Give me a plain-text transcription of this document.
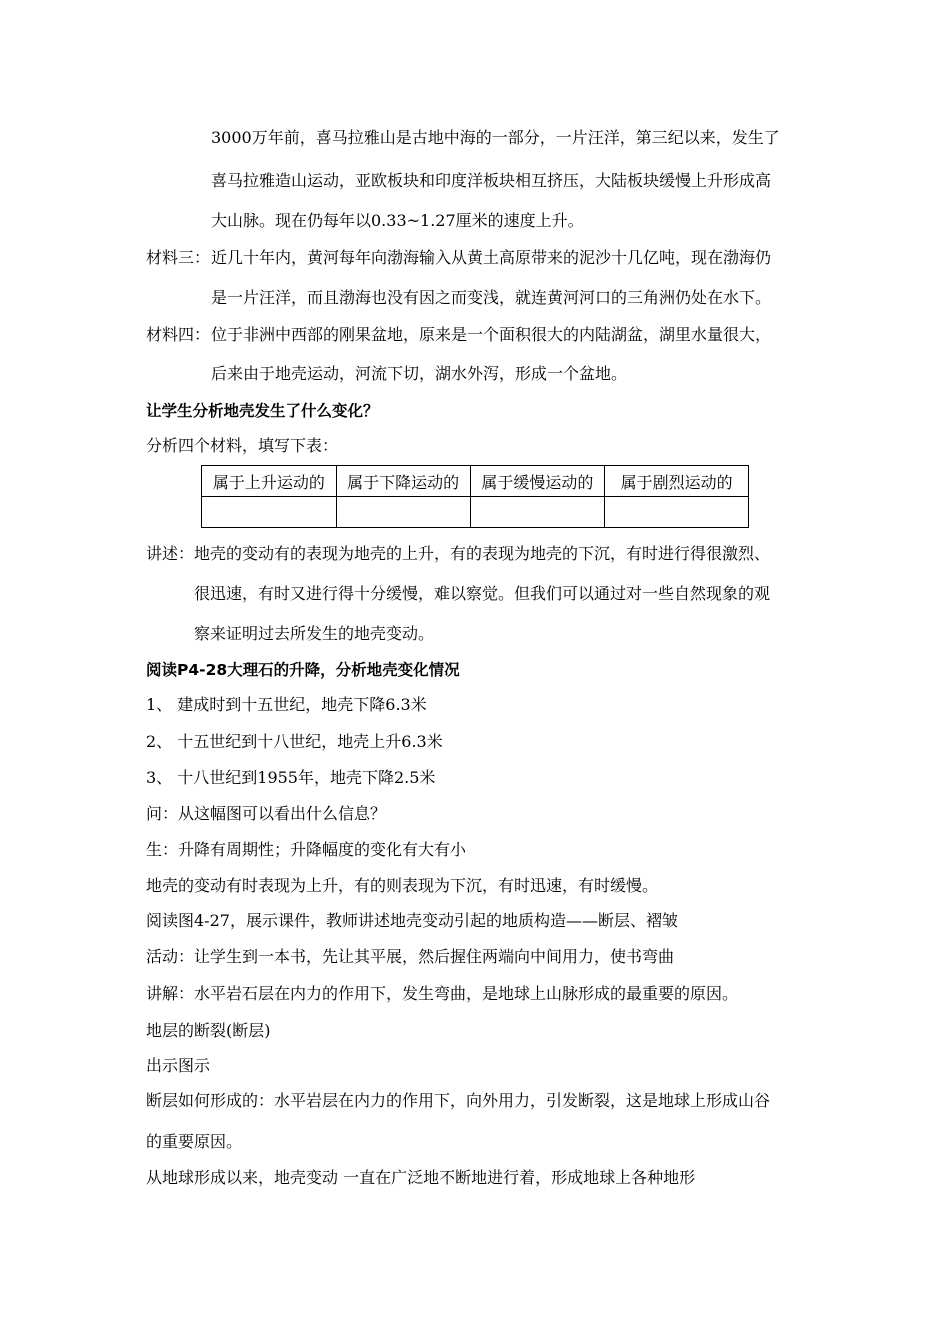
3000万年前，喜马拉雅山是古地中海的一部分，一片汪洋，第三纪以来，发生了
喜马拉雅造山运动，亚欧板块和印度洋板块相互挤压，大陆板块缓慢上升形成高
大山脉。现在仍每年以0.33~1.27厘米的速度上升。
材料三： 近几十年内，黄河每年向渤海输入从黄土高原带来的泥沙十几亿吨，现在渤海仍
是一片汪洋，而且渤海也没有因之而变浅，就连黄河河口的三角洲仍处在水下。
材料四： 位于非洲中西部的刚果盆地，原来是一个面积很大的内陆湖盆，湖里水量很大，
后来由于地壳运动，河流下切，湖水外泻，形成一个盆地。
让学生分析地壳发生了什么变化？
分析四个材料，填写下表：
属于上升运动的	属于下降运动的	属于缓慢运动的	属于剧烈运动的

讲述： 地壳的变动有的表现为地壳的上升，有的表现为地壳的下沉，有时进行得很激烈、
很迅速，有时又进行得十分缓慢，难以察觉。但我们可以通过对一些自然现象的观
察来证明过去所发生的地壳变动。
阅读P4-28大理石的升降，分析地壳变化情况
1、 建成时到十五世纪，地壳下降6.3米
2、 十五世纪到十八世纪，地壳上升6.3米
3、 十八世纪到1955年，地壳下降2.5米
问：从这幅图可以看出什么信息？
生：升降有周期性；升降幅度的变化有大有小
地壳的变动有时表现为上升，有的则表现为下沉，有时迅速，有时缓慢。
阅读图4-27，展示课件，教师讲述地壳变动引起的地质构造——断层、褶皱
活动：让学生到一本书，先让其平展，然后握住两端向中间用力，使书弯曲
讲解：水平岩石层在内力的作用下，发生弯曲，是地球上山脉形成的最重要的原因。
地层的断裂(断层)
出示图示
断层如何形成的：水平岩层在内力的作用下，向外用力，引发断裂，这是地球上形成山谷
的重要原因。
从地球形成以来，地壳变动 一直在广泛地不断地进行着，形成地球上各种地形
